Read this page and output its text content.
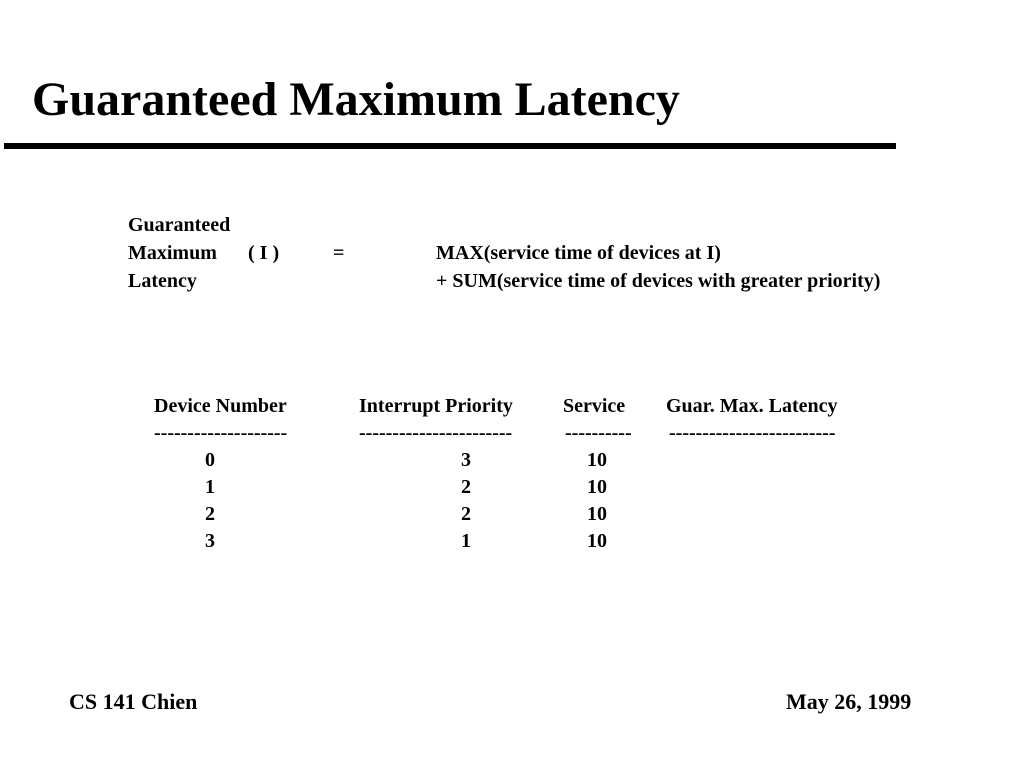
Guaranteed Maximum Latency
Guaranteed
Maximum ( I )	=	MAX(service time of devices at I)
Latency	+ SUM(service time of devices with greater priority)
Device Number	Interrupt Priority	Service Guar. Max. Latency
--------------------	-----------------------	---------- -------------------------
0	3	10
1	2	10
2	2	10
3	1	10
CS 141 Chien	May 26, 1999
